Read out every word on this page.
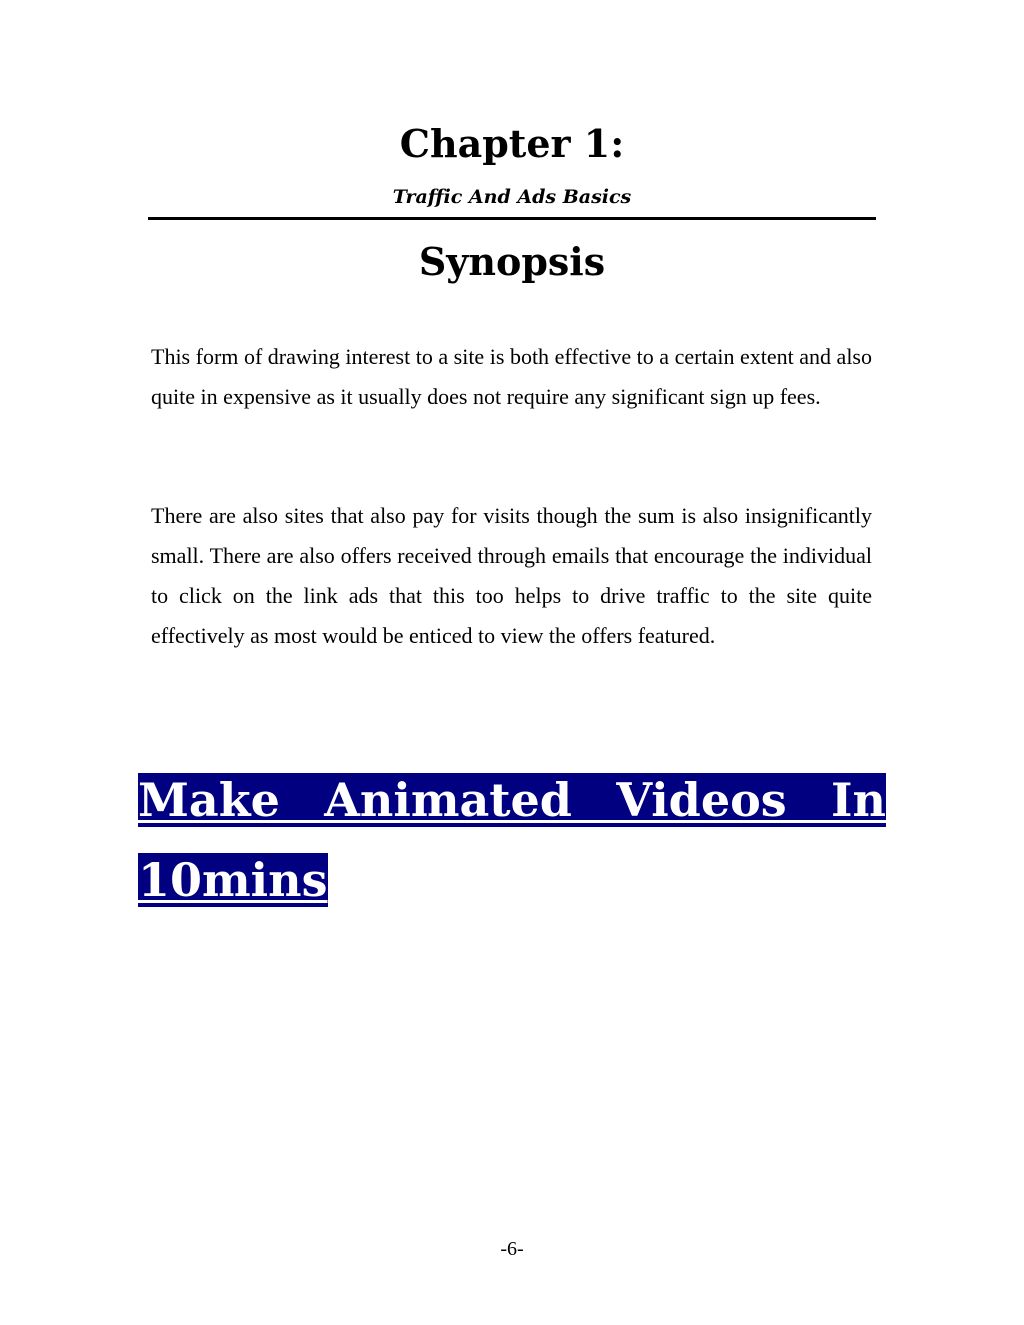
Chapter 1:

Traffic And Ads Basics

Synopsis

This form of drawing interest to a site is both effective to a certain extent and also quite in expensive as it usually does not require any significant sign up fees.

There are also sites that also pay for visits though the sum is also insignificantly small. There are also offers received through emails that encourage the individual to click on the link ads that this too helps to drive traffic to the site quite effectively as most would be enticed to view the offers featured.

Make Animated Videos In 10mins

-6-
